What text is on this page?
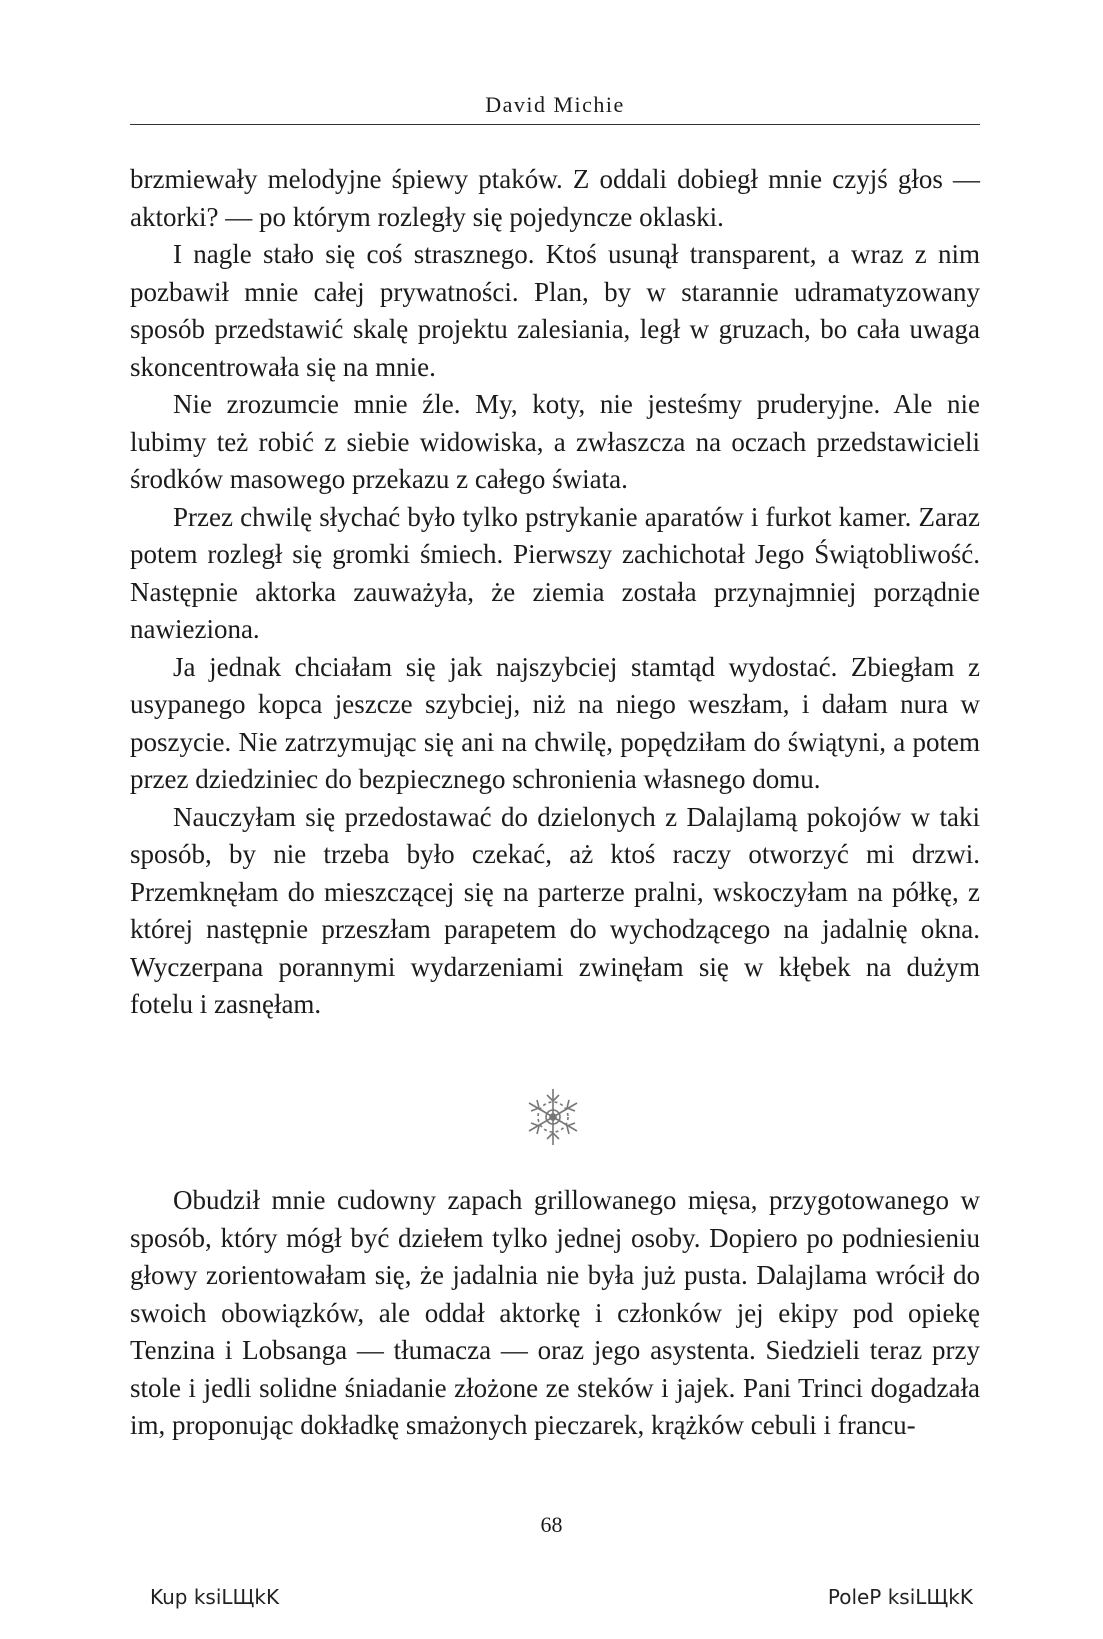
David Michie

brzmiewały melodyjne śpiewy ptaków. Z oddali dobiegł mnie czyjś głos — aktorki? — po którym rozległy się pojedyncze oklaski.

I nagle stało się coś strasznego. Ktoś usunął transparent, a wraz z nim pozbawił mnie całej prywatności. Plan, by w starannie udramatyzowany sposób przedstawić skalę projektu zalesiania, legł w gruzach, bo cała uwaga skoncentrowała się na mnie.

Nie zrozumcie mnie źle. My, koty, nie jesteśmy pruderyjne. Ale nie lubimy też robić z siebie widowiska, a zwłaszcza na oczach przedstawicieli środków masowego przekazu z całego świata.

Przez chwilę słychać było tylko pstrykanie aparatów i furkot kamer. Zaraz potem rozległ się gromki śmiech. Pierwszy zachichotał Jego Świątobliwość. Następnie aktorka zauważyła, że ziemia została przynajmniej porządnie nawieziona.

Ja jednak chciałam się jak najszybciej stamtąd wydostać. Zbiegłam z usypanego kopca jeszcze szybciej, niż na niego weszłam, i dałam nura w poszycie. Nie zatrzymując się ani na chwilę, popędziłam do świątyni, a potem przez dziedziniec do bezpiecznego schronienia własnego domu.

Nauczyłam się przedostawać do dzielonych z Dalajlamą pokojów w taki sposób, by nie trzeba było czekać, aż ktoś raczy otworzyć mi drzwi. Przemknęłam do mieszczącej się na parterze pralni, wskoczyłam na półkę, z której następnie przeszłam parapetem do wychodzącego na jadalnię okna. Wyczerpana porannymi wydarzeniami zwinęłam się w kłębek na dużym fotelu i zasnęłam.

Obudził mnie cudowny zapach grillowanego mięsa, przygotowanego w sposób, który mógł być dziełem tylko jednej osoby. Dopiero po podniesieniu głowy zorientowałam się, że jadalnia nie była już pusta. Dalajlama wrócił do swoich obowiązków, ale oddał aktorkę i członków jej ekipy pod opiekę Tenzina i Lobsanga — tłumacza — oraz jego asystenta. Siedzieli teraz przy stole i jedli solidne śniadanie złożone ze steków i jajek. Pani Trinci dogadzała im, proponując dokładkę smażonych pieczarek, krążków cebuli i francu-

68
Kup ksiLЩkK	PoleP ksiLЩkK
